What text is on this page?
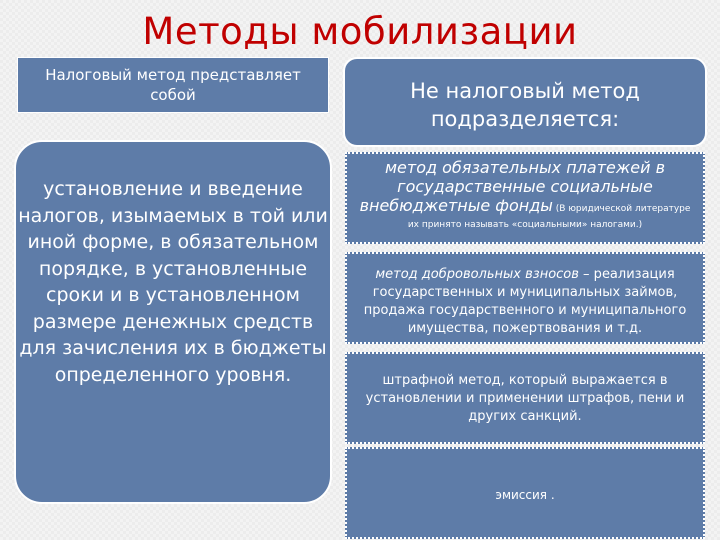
Методы мобилизации
Налоговый метод представляет собой	Не налоговый метод подразделяется:
установление и введение налогов, изымаемых в той или иной форме, в обязательном порядке, в установленные сроки и в установленном размере денежных средств для зачисления их в бюджеты определенного уровня.
метод обязательных платежей в государственные социальные внебюджетные фонды (В юридической литературе
их принято называть «социальными» налогами.)
метод добровольных взносов – реализация государственных и муниципальных займов, продажа государственного и муниципального имущества, пожертвования и т.д.
штрафной метод, который выражается в установлении и применении штрафов, пени и других санкций.
эмиссия .
